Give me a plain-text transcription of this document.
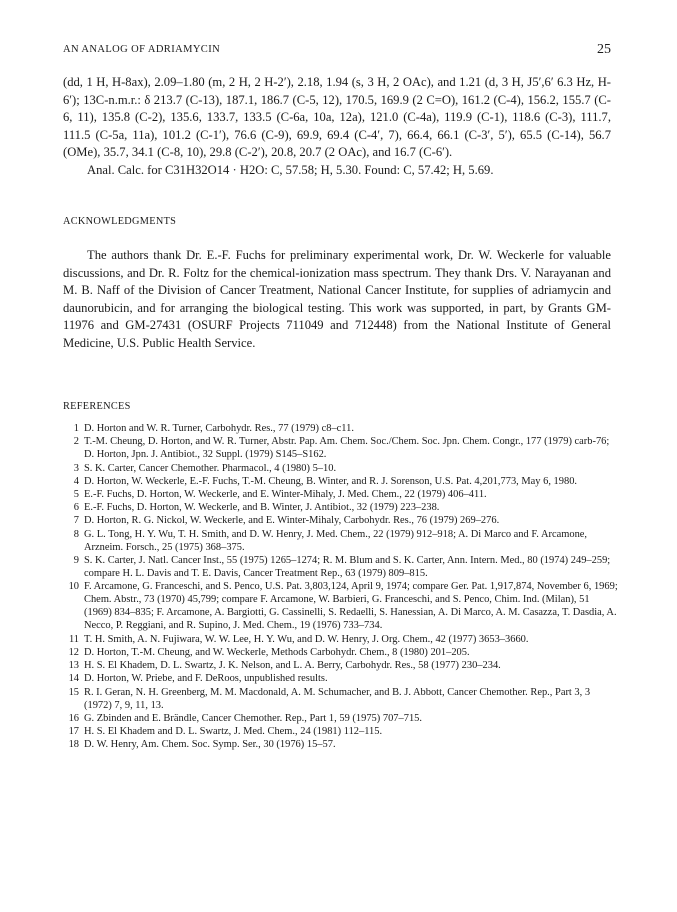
AN ANALOG OF ADRIAMYCIN	25
(dd, 1 H, H-8ax), 2.09–1.80 (m, 2 H, 2 H-2′), 2.18, 1.94 (s, 3 H, 2 OAc), and 1.21 (d, 3 H, J5′,6′ 6.3 Hz, H-6′); 13C-n.m.r.: δ 213.7 (C-13), 187.1, 186.7 (C-5, 12), 170.5, 169.9 (2 C=O), 161.2 (C-4), 156.2, 155.7 (C-6, 11), 135.8 (C-2), 135.6, 133.7, 133.5 (C-6a, 10a, 12a), 121.0 (C-4a), 119.9 (C-1), 118.6 (C-3), 111.7, 111.5 (C-5a, 11a), 101.2 (C-1′), 76.6 (C-9), 69.9, 69.4 (C-4′, 7), 66.4, 66.1 (C-3′, 5′), 65.5 (C-14), 56.7 (OMe), 35.7, 34.1 (C-8, 10), 29.8 (C-2′), 20.8, 20.7 (2 OAc), and 16.7 (C-6′).
Anal. Calc. for C31H32O14 · H2O: C, 57.58; H, 5.30. Found: C, 57.42; H, 5.69.
ACKNOWLEDGMENTS
The authors thank Dr. E.-F. Fuchs for preliminary experimental work, Dr. W. Weckerle for valuable discussions, and Dr. R. Foltz for the chemical-ionization mass spectrum. They thank Drs. V. Narayanan and M. B. Naff of the Division of Cancer Treatment, National Cancer Institute, for supplies of adriamycin and daunorubicin, and for arranging the biological testing. This work was supported, in part, by Grants GM-11976 and GM-27431 (OSURF Projects 711049 and 712448) from the National Institute of General Medicine, U.S. Public Health Service.
REFERENCES
1 D. Horton and W. R. Turner, Carbohydr. Res., 77 (1979) c8–c11.
2 T.-M. Cheung, D. Horton, and W. R. Turner, Abstr. Pap. Am. Chem. Soc./Chem. Soc. Jpn. Chem. Congr., 177 (1979) carb-76; D. Horton, Jpn. J. Antibiot., 32 Suppl. (1979) S145–S162.
3 S. K. Carter, Cancer Chemother. Pharmacol., 4 (1980) 5–10.
4 D. Horton, W. Weckerle, E.-F. Fuchs, T.-M. Cheung, B. Winter, and R. J. Sorenson, U.S. Pat. 4,201,773, May 6, 1980.
5 E.-F. Fuchs, D. Horton, W. Weckerle, and E. Winter-Mihaly, J. Med. Chem., 22 (1979) 406–411.
6 E.-F. Fuchs, D. Horton, W. Weckerle, and B. Winter, J. Antibiot., 32 (1979) 223–238.
7 D. Horton, R. G. Nickol, W. Weckerle, and E. Winter-Mihaly, Carbohydr. Res., 76 (1979) 269–276.
8 G. L. Tong, H. Y. Wu, T. H. Smith, and D. W. Henry, J. Med. Chem., 22 (1979) 912–918; A. Di Marco and F. Arcamone, Arzneim. Forsch., 25 (1975) 368–375.
9 S. K. Carter, J. Natl. Cancer Inst., 55 (1975) 1265–1274; R. M. Blum and S. K. Carter, Ann. Intern. Med., 80 (1974) 249–259; compare H. L. Davis and T. E. Davis, Cancer Treatment Rep., 63 (1979) 809–815.
10 F. Arcamone, G. Franceschi, and S. Penco, U.S. Pat. 3,803,124, April 9, 1974; compare Ger. Pat. 1,917,874, November 6, 1969; Chem. Abstr., 73 (1970) 45,799; compare F. Arcamone, W. Barbieri, G. Franceschi, and S. Penco, Chim. Ind. (Milan), 51 (1969) 834–835; F. Arcamone, A. Bargiotti, G. Cassinelli, S. Redaelli, S. Hanessian, A. Di Marco, A. M. Casazza, T. Dasdia, A. Necco, P. Reggiani, and R. Supino, J. Med. Chem., 19 (1976) 733–734.
11 T. H. Smith, A. N. Fujiwara, W. W. Lee, H. Y. Wu, and D. W. Henry, J. Org. Chem., 42 (1977) 3653–3660.
12 D. Horton, T.-M. Cheung, and W. Weckerle, Methods Carbohydr. Chem., 8 (1980) 201–205.
13 H. S. El Khadem, D. L. Swartz, J. K. Nelson, and L. A. Berry, Carbohydr. Res., 58 (1977) 230–234.
14 D. Horton, W. Priebe, and F. DeRoos, unpublished results.
15 R. I. Geran, N. H. Greenberg, M. M. Macdonald, A. M. Schumacher, and B. J. Abbott, Cancer Chemother. Rep., Part 3, 3 (1972) 7, 9, 11, 13.
16 G. Zbinden and E. Brändle, Cancer Chemother. Rep., Part 1, 59 (1975) 707–715.
17 H. S. El Khadem and D. L. Swartz, J. Med. Chem., 24 (1981) 112–115.
18 D. W. Henry, Am. Chem. Soc. Symp. Ser., 30 (1976) 15–57.
